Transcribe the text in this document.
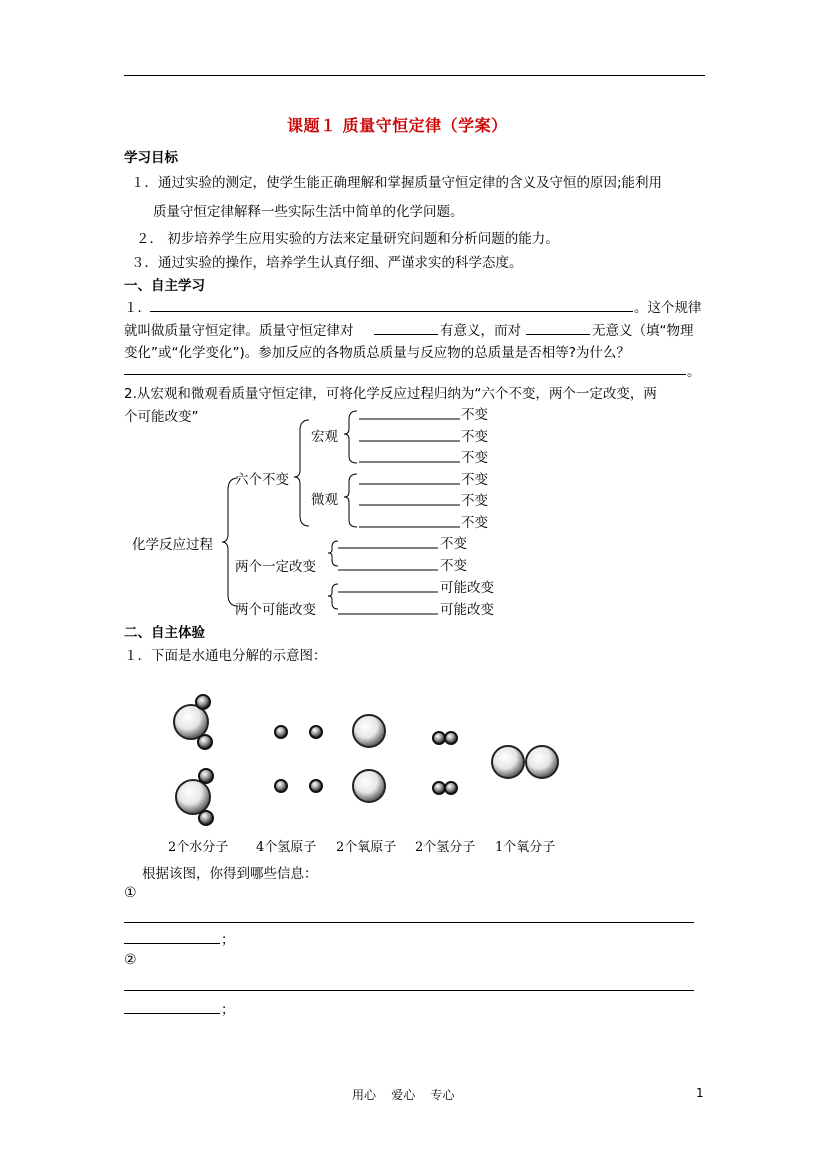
课题１ 质量守恒定律（学案）
学习目标
１．通过实验的测定，使学生能正确理解和掌握质量守恒定律的含义及守恒的原因;能利用
质量守恒定律解释一些实际生活中简单的化学问题。
２． 初步培养学生应用实验的方法来定量研究问题和分析问题的能力。
３．通过实验的操作，培养学生认真仔细、严谨求实的科学态度。
一、自主学习
１．	。这个规律
就叫做质量守恒定律。质量守恒定律对	有意义，而对	无意义（填“物理
变化”或“化学变化”)。参加反应的各物质总质量与反应物的总质量是否相等?为什么？
。
2.从宏观和微观看质量守恒定律，可将化学反应过程归纳为“六个不变，两个一定改变，两
个可能改变”
化学反应过程
六个不变
宏观
微观
两个一定改变
两个可能改变
不变
不变
不变
不变
不变
不变
不变
不变
可能改变
可能改变
二、自主体验
１．下面是水通电分解的示意图：
2个水分子 4个氢原子 2个氧原子 2个氢分子 1个氧分子
根据该图，你得到哪些信息：
①
；
②
；
用心    爱心    专心	1
